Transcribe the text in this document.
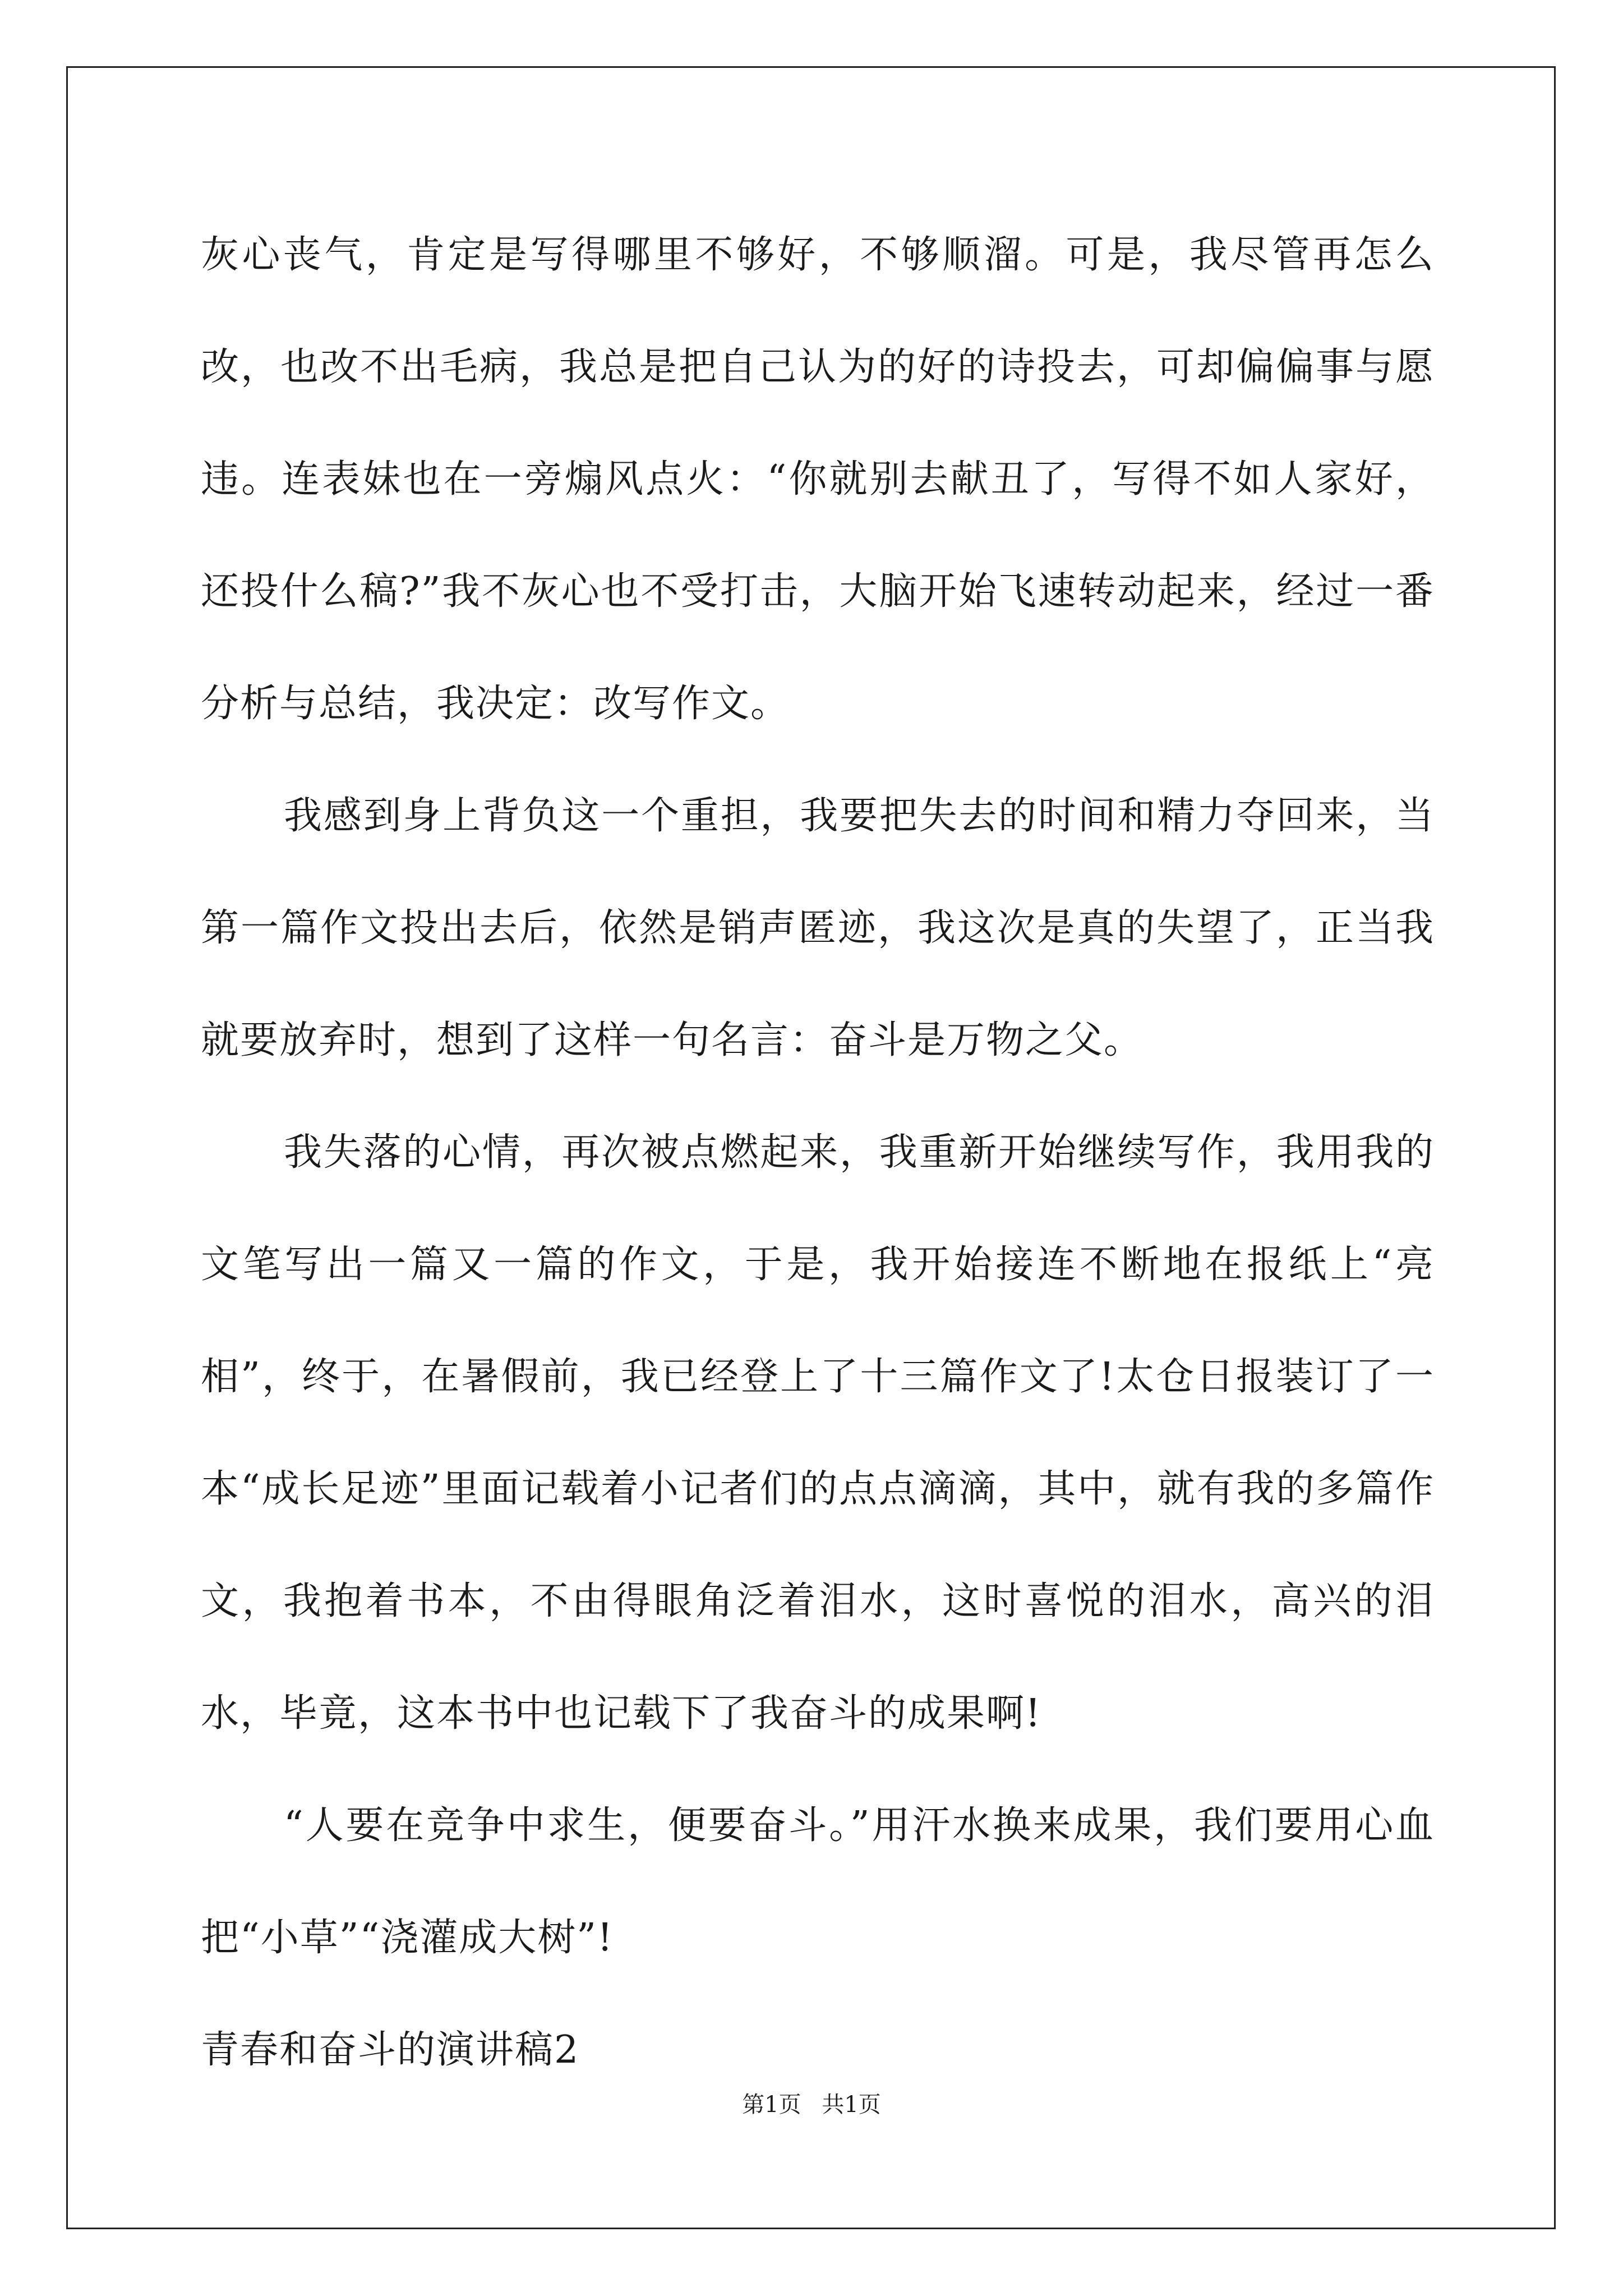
灰心丧气，肯定是写得哪里不够好，不够顺溜。可是，我尽管再怎么改，也改不出毛病，我总是把自己认为的好的诗投去，可却偏偏事与愿违。连表妹也在一旁煽风点火：“你就别去献丑了，写得不如人家好，还投什么稿?”我不灰心也不受打击，大脑开始飞速转动起来，经过一番分析与总结，我决定：改写作文。

我感到身上背负这一个重担，我要把失去的时间和精力夺回来，当第一篇作文投出去后，依然是销声匿迹，我这次是真的失望了，正当我就要放弃时，想到了这样一句名言：奋斗是万物之父。

我失落的心情，再次被点燃起来，我重新开始继续写作，我用我的文笔写出一篇又一篇的作文，于是，我开始接连不断地在报纸上“亮相”，终于，在暑假前，我已经登上了十三篇作文了!太仓日报装订了一本“成长足迹”里面记载着小记者们的点点滴滴，其中，就有我的多篇作文，我抱着书本，不由得眼角泛着泪水，这时喜悦的泪水，高兴的泪水，毕竟，这本书中也记载下了我奋斗的成果啊!

“人要在竞争中求生，便要奋斗。”用汗水换来成果，我们要用心血把“小草”“浇灌成大树”!

青春和奋斗的演讲稿2

第1页 共1页
